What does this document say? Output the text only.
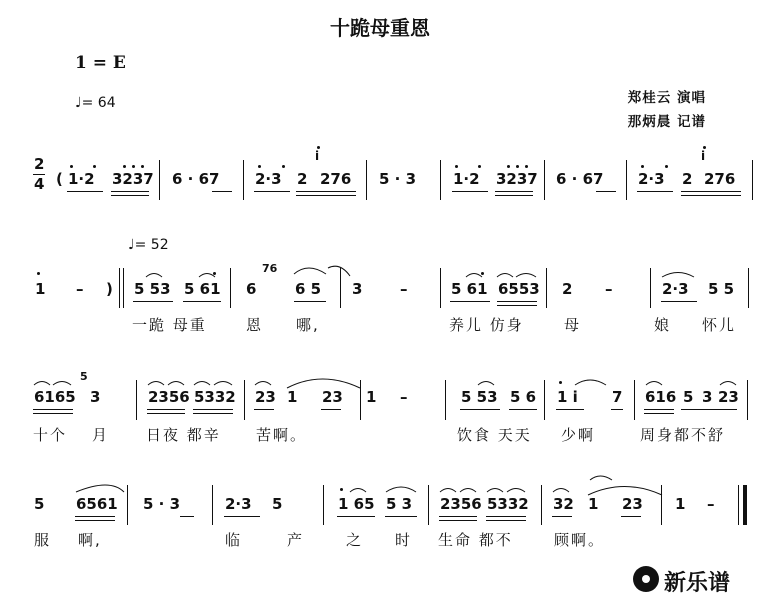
十跪母重恩
1 = E
♩= 64	郑桂云 演唱
那炳晨 记谱
2
4 ( 1·2 3237 6 · 67 2·3
i
2 276 5 · 3 1·2 3237 6 · 67 2·3
i
2 276
♩= 52
1 – ) 5 53 5 61 6
76
6 5 3	–	5 61 6553 2 –	2·3 5 5
一跪 母重	恩 哪,	养儿 仿身	母	娘 怀儿
6165
5
3	2356 5332 23 1 23 1 –	5 53 5 6 1 i 7 616 5 3 23
十个 月 日夜 都辛 苦啊。	饮食 天天 少啊	周身都不舒
5 6561 5 · 3	2·3 5	1 65 5 3 2356 5332 32 1 23 1 –
服 啊,	临	产	之 时 生命 都不	顾啊。
新乐谱
